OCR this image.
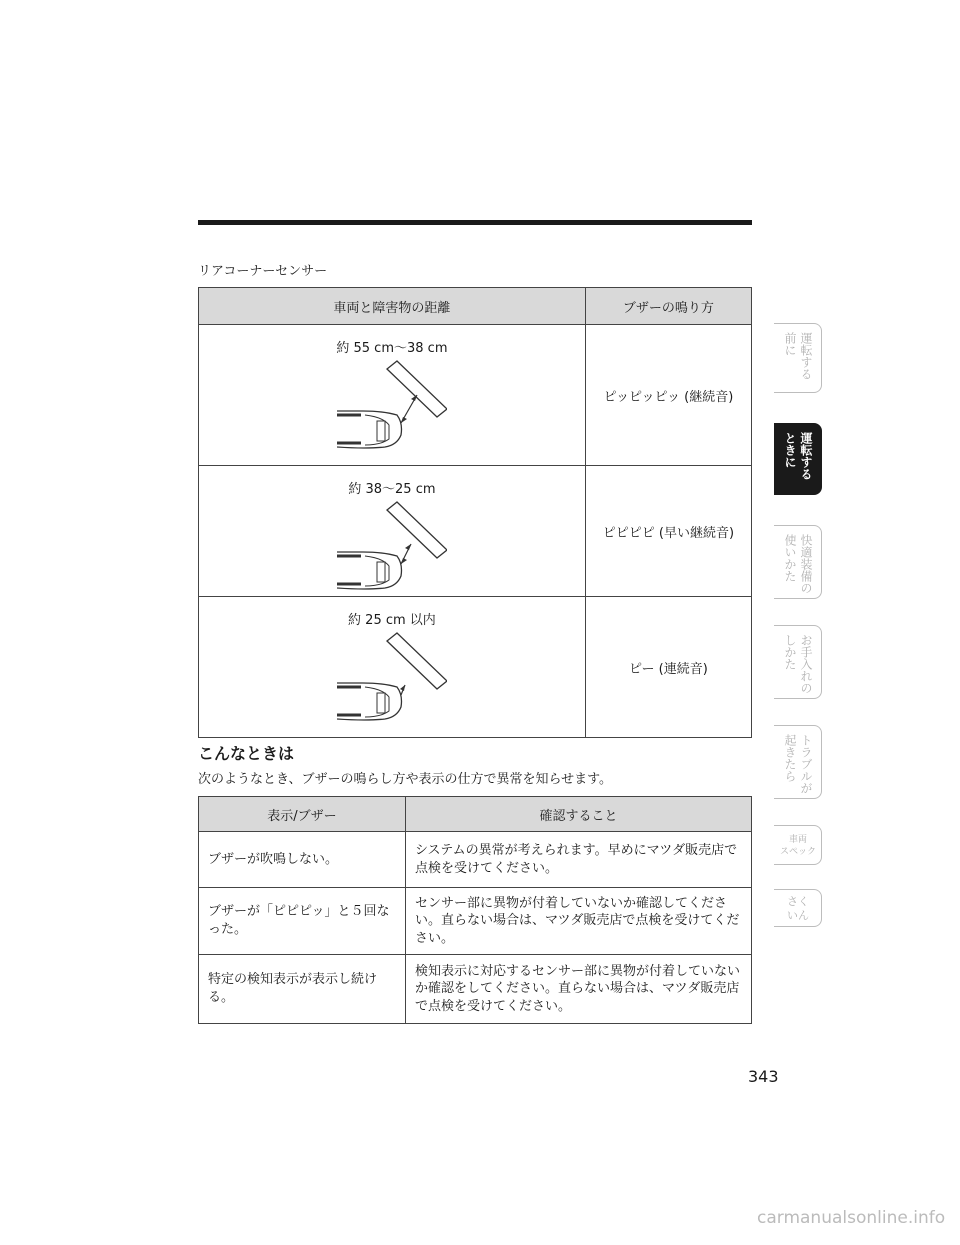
リアコーナーセンサー
車両と障害物の距離	ブザーの鳴り方

約 55 cm〜38 cm	ピッピッピッ (継続音)

約 38〜25 cm	ピピピピ (早い継続音)

約 25 cm 以内	ピー (連続音)
こんなときは
次のようなとき、ブザーの鳴らし方や表示の仕方で異常を知らせます。
表示/ブザー	確認すること
ブザーが吹鳴しない。	システムの異常が考えられます。早めにマツダ販売店で点検を受けてください。
ブザーが「ピピピッ」と５回なった。	センサー部に異物が付着していないか確認してください。直らない場合は、マツダ販売店で点検を受けてください。
特定の検知表示が表示し続ける。	検知表示に対応するセンサー部に異物が付着していないか確認をしてください。直らない場合は、マツダ販売店で点検を受けてください。
運転する
前に
運転する
ときに
快適装備の
使いかた
お手入れの
しかた
トラブルが
起きたら
車両
スペック
さく
いん
343
carmanualsonline.info
